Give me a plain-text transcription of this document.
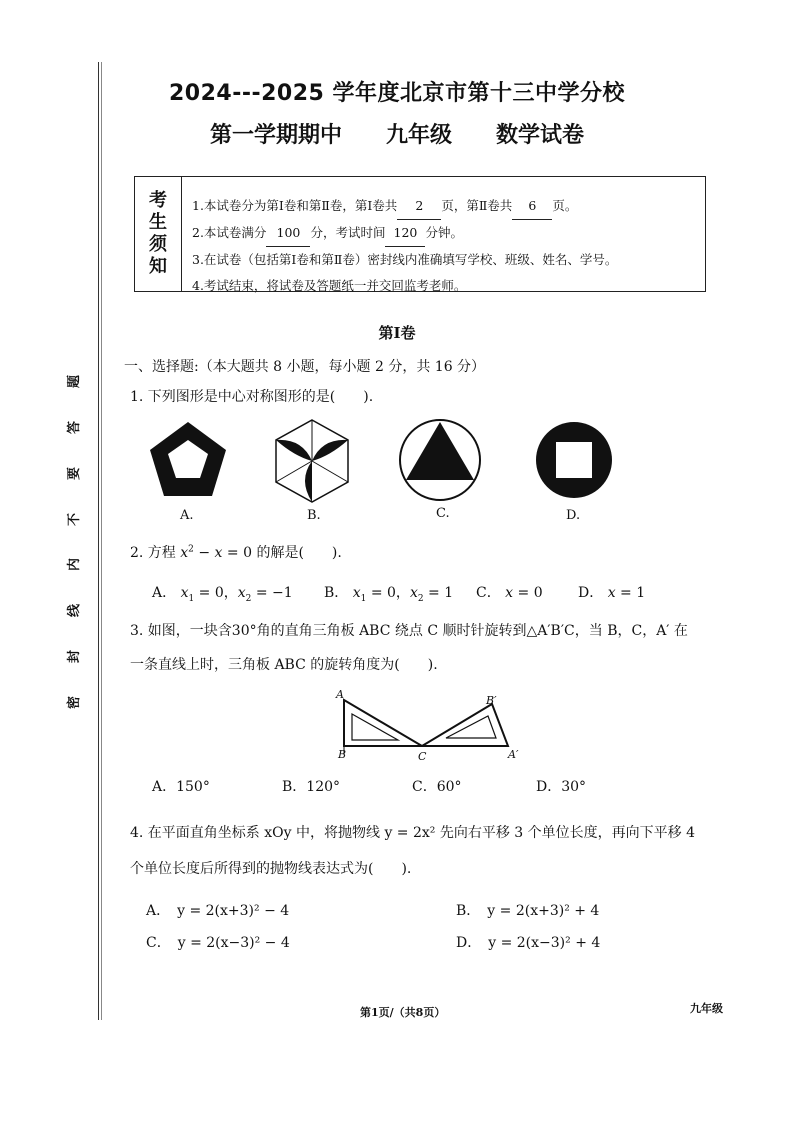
2024---2025 学年度北京市第十三中学分校
第一学期期中 九年级 数学试卷
题
答
要
不
内
线
封
密
考
生
须
知
1.本试卷分为第Ⅰ卷和第Ⅱ卷，第Ⅰ卷共 2 页，第Ⅱ卷共 6 页。
2.本试卷满分 100 分，考试时间 120 分钟。
3.在试卷（包括第Ⅰ卷和第Ⅱ卷）密封线内准确填写学校、班级、姓名、学号。
4.考试结束，将试卷及答题纸一并交回监考老师。
第Ⅰ卷
一、选择题:（本大题共 8 小题，每小题 2 分，共 16 分）
1. 下列图形是中心对称图形的是(　　).
A.	B.	C.	D.
2. 方程 $x^2 - x = 0$ 的解是(　　).
A． $x_1 = 0$，$x_2 = -1$ B． $x_1 = 0$，$x_2 = 1$ C． x = 0	D． x = 1
3. 如图，一块含30°角的直角三角板 ABC 绕点 C 顺时针旋转到△A′B′C，当 B，C，A′ 在
一条直线上时，三角板 ABC 的旋转角度为(　　).
A
B	C
B′
A′
A．150°	B．120°	C．60°	D．30°
4. 在平面直角坐标系 xOy 中，将抛物线 y = 2x² 先向右平移 3 个单位长度，再向下平移 4
个单位长度后所得到的抛物线表达式为(　　).
A．　y = 2(x+3)² − 4	B．　y = 2(x+3)² + 4
C．　y = 2(x−3)² − 4	D．　y = 2(x−3)² + 4
第1页/（共8页）	九年级
